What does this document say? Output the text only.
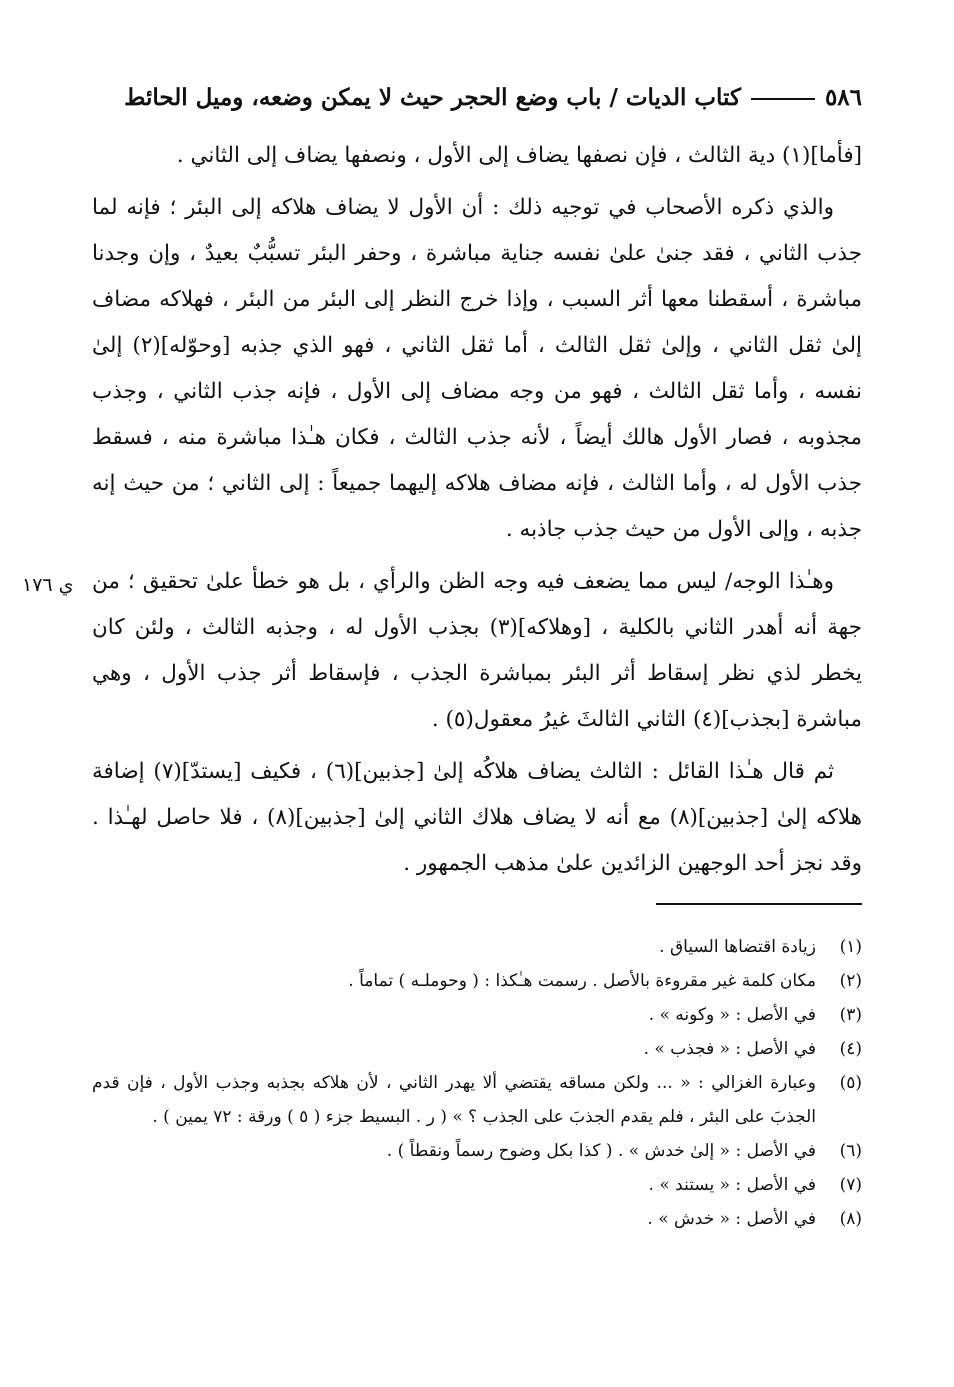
٥٨٦كتاب الديات / باب وضع الحجر حيث لا يمكن وضعه، وميل الحائط
ي ١٧٦

[فأما](١) دية الثالث ، فإن نصفها يضاف إلى الأول ، ونصفها يضاف إلى الثاني .

والذي ذكره الأصحاب في توجيه ذلك : أن الأول لا يضاف هلاكه إلى البئر ؛ فإنه لما جذب الثاني ، فقد جنىٰ علىٰ نفسه جناية مباشرة ، وحفر البئر تسبُّبٌ بعيدٌ ، وإن وجدنا مباشرة ، أسقطنا معها أثر السبب ، وإذا خرج النظر إلى البئر من البئر ، فهلاكه مضاف إلىٰ ثقل الثاني ، وإلىٰ ثقل الثالث ، أما ثقل الثاني ، فهو الذي جذبه [وحوّله](٢) إلىٰ نفسه ، وأما ثقل الثالث ، فهو من وجه مضاف إلى الأول ، فإنه جذب الثاني ، وجذب مجذوبه ، فصار الأول هالك أيضاً ، لأنه جذب الثالث ، فكان هـٰذا مباشرة منه ، فسقط جذب الأول له ، وأما الثالث ، فإنه مضاف هلاكه إليهما جميعاً : إلى الثاني ؛ من حيث إنه جذبه ، وإلى الأول من حيث جذب جاذبه .

وهـٰذا الوجه/ ليس مما يضعف فيه وجه الظن والرأي ، بل هو خطأ علىٰ تحقيق ؛ من جهة أنه أهدر الثاني بالكلية ، [وهلاكه](٣) بجذب الأول له ، وجذبه الثالث ، ولئن كان يخطر لذي نظر إسقاط أثر البئر بمباشرة الجذب ، فإسقاط أثر جذب الأول ، وهي مباشرة [بجذب](٤) الثاني الثالثَ غيرُ معقول(٥) .

ثم قال هـٰذا القائل : الثالث يضاف هلاكُه إلىٰ [جذبين](٦) ، فكيف [يستدّ](٧) إضافة هلاكه إلىٰ [جذبين](٨) مع أنه لا يضاف هلاك الثاني إلىٰ [جذبين](٨) ، فلا حاصل لهـٰذا . وقد نجز أحد الوجهين الزائدين علىٰ مذهب الجمهور .

(١)
زيادة اقتضاها السياق .
(٢)
مكان كلمة غير مقروءة بالأصل . رسمت هـٰكذا : ( وحوملـه ) تماماً .
(٣)
في الأصل : « وكونه » .
(٤)
في الأصل : « فجذب » .
(٥)
وعبارة الغزالي : « ... ولكن مساقه يقتضي ألا يهدر الثاني ، لأن هلاكه بجذبه وجذب الأول ، فإن قدم الجذبَ على البئر ، فلم يقدم الجذبَ على الجذب ؟ » ( ر . البسيط جزء ( ٥ ) ورقة : ٧٢ يمين ) .
(٦)
في الأصل : « إلىٰ خدش » . ( كذا بكل وضوح رسماً ونقطاً ) .
(٧)
في الأصل : « يستند » .
(٨)
في الأصل : « خدش » .
